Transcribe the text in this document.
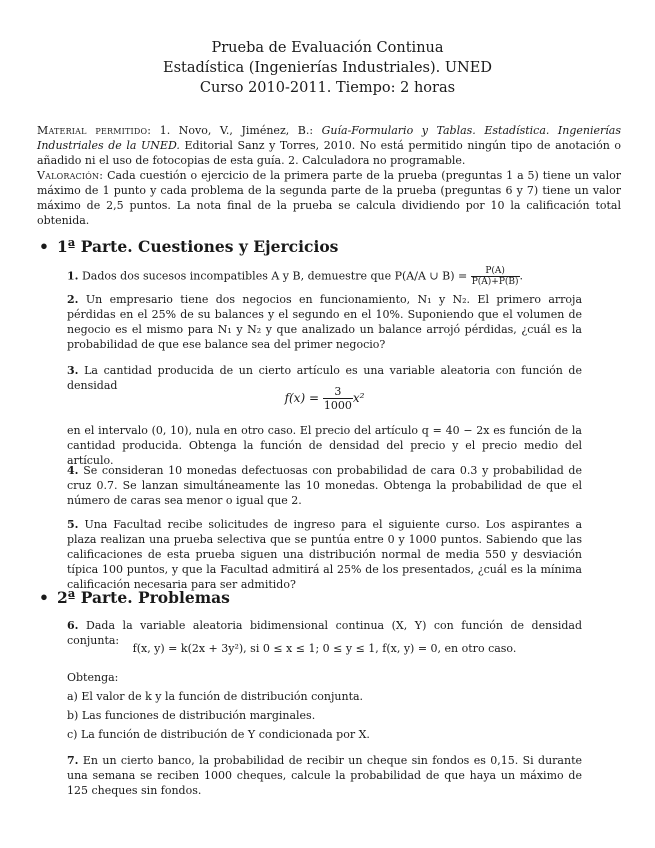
Prueba de Evaluación Continua
Estadística (Ingenierías Industriales). UNED
Curso 2010-2011. Tiempo: 2 horas
Material permitido: 1. Novo, V., Jiménez, B.: Guía-Formulario y Tablas. Estadística. Ingenierías Industriales de la UNED. Editorial Sanz y Torres, 2010. No está permitido ningún tipo de anotación o añadido ni el uso de fotocopias de esta guía. 2. Calculadora no programable.
Valoración: Cada cuestión o ejercicio de la primera parte de la prueba (preguntas 1 a 5) tiene un valor máximo de 1 punto y cada problema de la segunda parte de la prueba (preguntas 6 y 7) tiene un valor máximo de 2,5 puntos. La nota final de la prueba se calcula dividiendo por 10 la calificación total obtenida.
• 1ª Parte. Cuestiones y Ejercicios
1. Dados dos sucesos incompatibles A y B, demuestre que P(A/A ∪ $B) = \frac{P(A)}{P(A)+P(B)}$ .
2. Un empresario tiene dos negocios en funcionamiento, N₁ y N₂. El primero arroja pérdidas en el 25% de su balances y el segundo en el 10%. Suponiendo que el volumen de negocio es el mismo para N₁ y N₂ y que analizado un balance arrojó pérdidas, ¿cuál es la probabilidad de que ese balance sea del primer negocio?
3. La cantidad producida de un cierto artículo es una variable aleatoria con función de densidad
$f(x) = \frac{3}{1000} x^2$
en el intervalo (0, 10), nula en otro caso. El precio del artículo q = 40 − 2x es función de la cantidad producida. Obtenga la función de densidad del precio y el precio medio del artículo.
4. Se consideran 10 monedas defectuosas con probabilidad de cara 0.3 y probabilidad de cruz 0.7. Se lanzan simultáneamente las 10 monedas. Obtenga la probabilidad de que el número de caras sea menor o igual que 2.
5. Una Facultad recibe solicitudes de ingreso para el siguiente curso. Los aspirantes a plaza realizan una prueba selectiva que se puntúa entre 0 y 1000 puntos. Sabiendo que las calificaciones de esta prueba siguen una distribución normal de media 550 y desviación típica 100 puntos, y que la Facultad admitirá al 25% de los presentados, ¿cuál es la mínima calificación necesaria para ser admitido?
• 2ª Parte. Problemas
6. Dada la variable aleatoria bidimensional continua (X, Y) con función de densidad conjunta:
f(x, y) = k(2x + 3y²), si 0 ≤ x ≤ 1; 0 ≤ y ≤ 1, f(x, y) = 0, en otro caso.
Obtenga:
a) El valor de k y la función de distribución conjunta.
b) Las funciones de distribución marginales.
c) La función de distribución de Y condicionada por X.
7. En un cierto banco, la probabilidad de recibir un cheque sin fondos es 0,15. Si durante una semana se reciben 1000 cheques, calcule la probabilidad de que haya un máximo de 125 cheques sin fondos.
